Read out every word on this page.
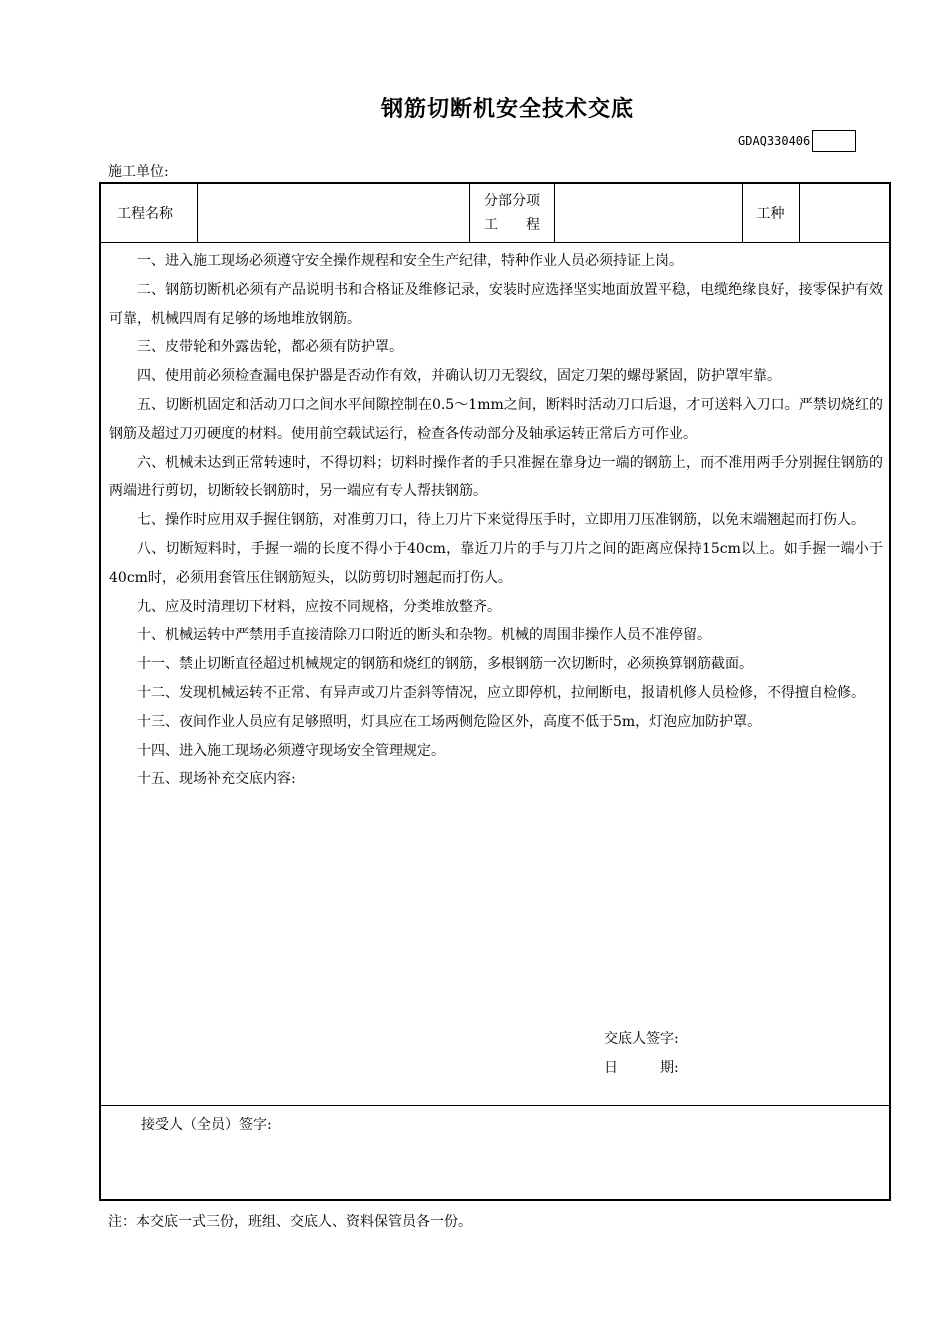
钢筋切断机安全技术交底
GDAQ330406
施工单位:
工程名称
分部分项
工　　程
工种

一、进入施工现场必须遵守安全操作规程和安全生产纪律，特种作业人员必须持证上岗。

二、钢筋切断机必须有产品说明书和合格证及维修记录，安装时应选择坚实地面放置平稳，电缆绝缘良好，接零保护有效可靠，机械四周有足够的场地堆放钢筋。

三、皮带轮和外露齿轮，都必须有防护罩。

四、使用前必须检查漏电保护器是否动作有效，并确认切刀无裂纹，固定刀架的螺母紧固，防护罩牢靠。

五、切断机固定和活动刀口之间水平间隙控制在0.5～1mm之间，断料时活动刀口后退，才可送料入刀口。严禁切烧红的钢筋及超过刀刃硬度的材料。使用前空载试运行，检查各传动部分及轴承运转正常后方可作业。

六、机械未达到正常转速时，不得切料；切料时操作者的手只准握在靠身边一端的钢筋上，而不准用两手分别握住钢筋的两端进行剪切，切断较长钢筋时，另一端应有专人帮扶钢筋。

七、操作时应用双手握住钢筋，对准剪刀口，待上刀片下来觉得压手时，立即用刀压准钢筋，以免末端翘起而打伤人。

八、切断短料时，手握一端的长度不得小于40cm，靠近刀片的手与刀片之间的距离应保持15cm以上。如手握一端小于40cm时，必须用套管压住钢筋短头，以防剪切时翘起而打伤人。

九、应及时清理切下材料，应按不同规格，分类堆放整齐。

十、机械运转中严禁用手直接清除刀口附近的断头和杂物。机械的周围非操作人员不准停留。

十一、禁止切断直径超过机械规定的钢筋和烧红的钢筋，多根钢筋一次切断时，必须换算钢筋截面。

十二、发现机械运转不正常、有异声或刀片歪斜等情况，应立即停机，拉闸断电，报请机修人员检修，不得擅自检修。

十三、夜间作业人员应有足够照明，灯具应在工场两侧危险区外，高度不低于5m，灯泡应加防护罩。

十四、进入施工现场必须遵守现场安全管理规定。

十五、现场补充交底内容:

交底人签字:
日　　　期:
接受人（全员）签字:
注：本交底一式三份，班组、交底人、资料保管员各一份。
